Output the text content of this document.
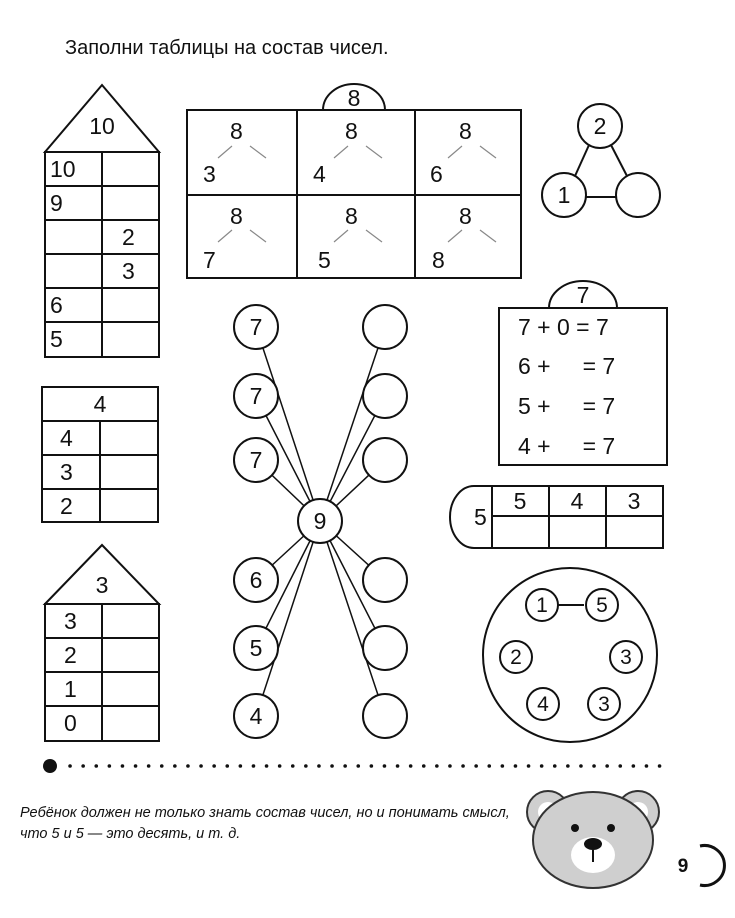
Заполни таблицы на состав чисел.
10
10
9
2
3
6
5
4
4
3
2
3
3
2
1
0
8
8
3
8
4
8
6
8
7
8
5
8
8
2
1
9
7
7
7
6
5
4
7
7 + 0 = 7
6 +     = 7
5 +     = 7
4 +     = 7
5
5 4 3
1 5
2	3
4 3
Ребёнок должен не только знать состав чисел, но и понимать смысл, что 5 и 5 — это десять, и т. д.
9
